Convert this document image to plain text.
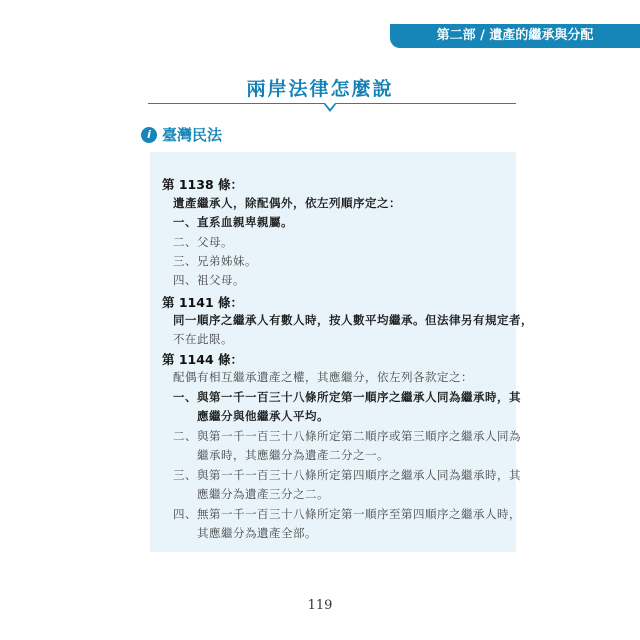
第二部 / 遺產的繼承與分配
兩岸法律怎麼說
i 臺灣民法
第 1138 條：
遺產繼承人，除配偶外，依左列順序定之：
一、直系血親卑親屬。
二、父母。
三、兄弟姊妹。
四、祖父母。
第 1141 條：
同一順序之繼承人有數人時，按人數平均繼承。但法律另有規定者，
不在此限。
第 1144 條：
配偶有相互繼承遺產之權，其應繼分，依左列各款定之：
一、與第一千一百三十八條所定第一順序之繼承人同為繼承時，其
應繼分與他繼承人平均。
二、與第一千一百三十八條所定第二順序或第三順序之繼承人同為
繼承時，其應繼分為遺產二分之一。
三、與第一千一百三十八條所定第四順序之繼承人同為繼承時，其
應繼分為遺產三分之二。
四、無第一千一百三十八條所定第一順序至第四順序之繼承人時，
其應繼分為遺產全部。
119
